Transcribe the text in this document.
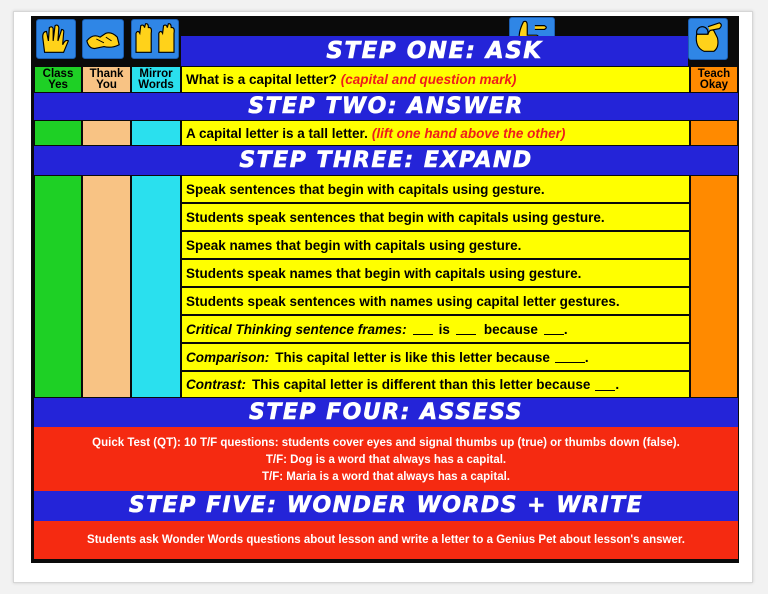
STEP ONE: ASK
Class
Yes
Thank
You
Mirror
Words
Teach
Okay
What is a capital letter? (capital and question mark)
STEP TWO: ANSWER
A capital letter is a tall letter. (lift one hand above the other)
STEP THREE: EXPAND
Speak sentences that begin with capitals using gesture.
Students speak sentences that begin with capitals using gesture.
Speak names that begin with capitals using gesture.
Students speak names that begin with capitals using gesture.
Students speak sentences with names using capital letter gestures.
Critical Thinking sentence frames: is	because .
Comparison: This capital letter is like this letter because	.
Contrast: This capital letter is different than this letter because .
STEP FOUR: ASSESS
Quick Test (QT): 10 T/F questions: students cover eyes and signal thumbs up (true) or thumbs down (false).
T/F: Dog is a word that always has a capital.
T/F: Maria is a word that always has a capital.
STEP FIVE: WONDER WORDS + WRITE
Students ask Wonder Words questions about lesson and write a letter to a Genius Pet about lesson's answer.
